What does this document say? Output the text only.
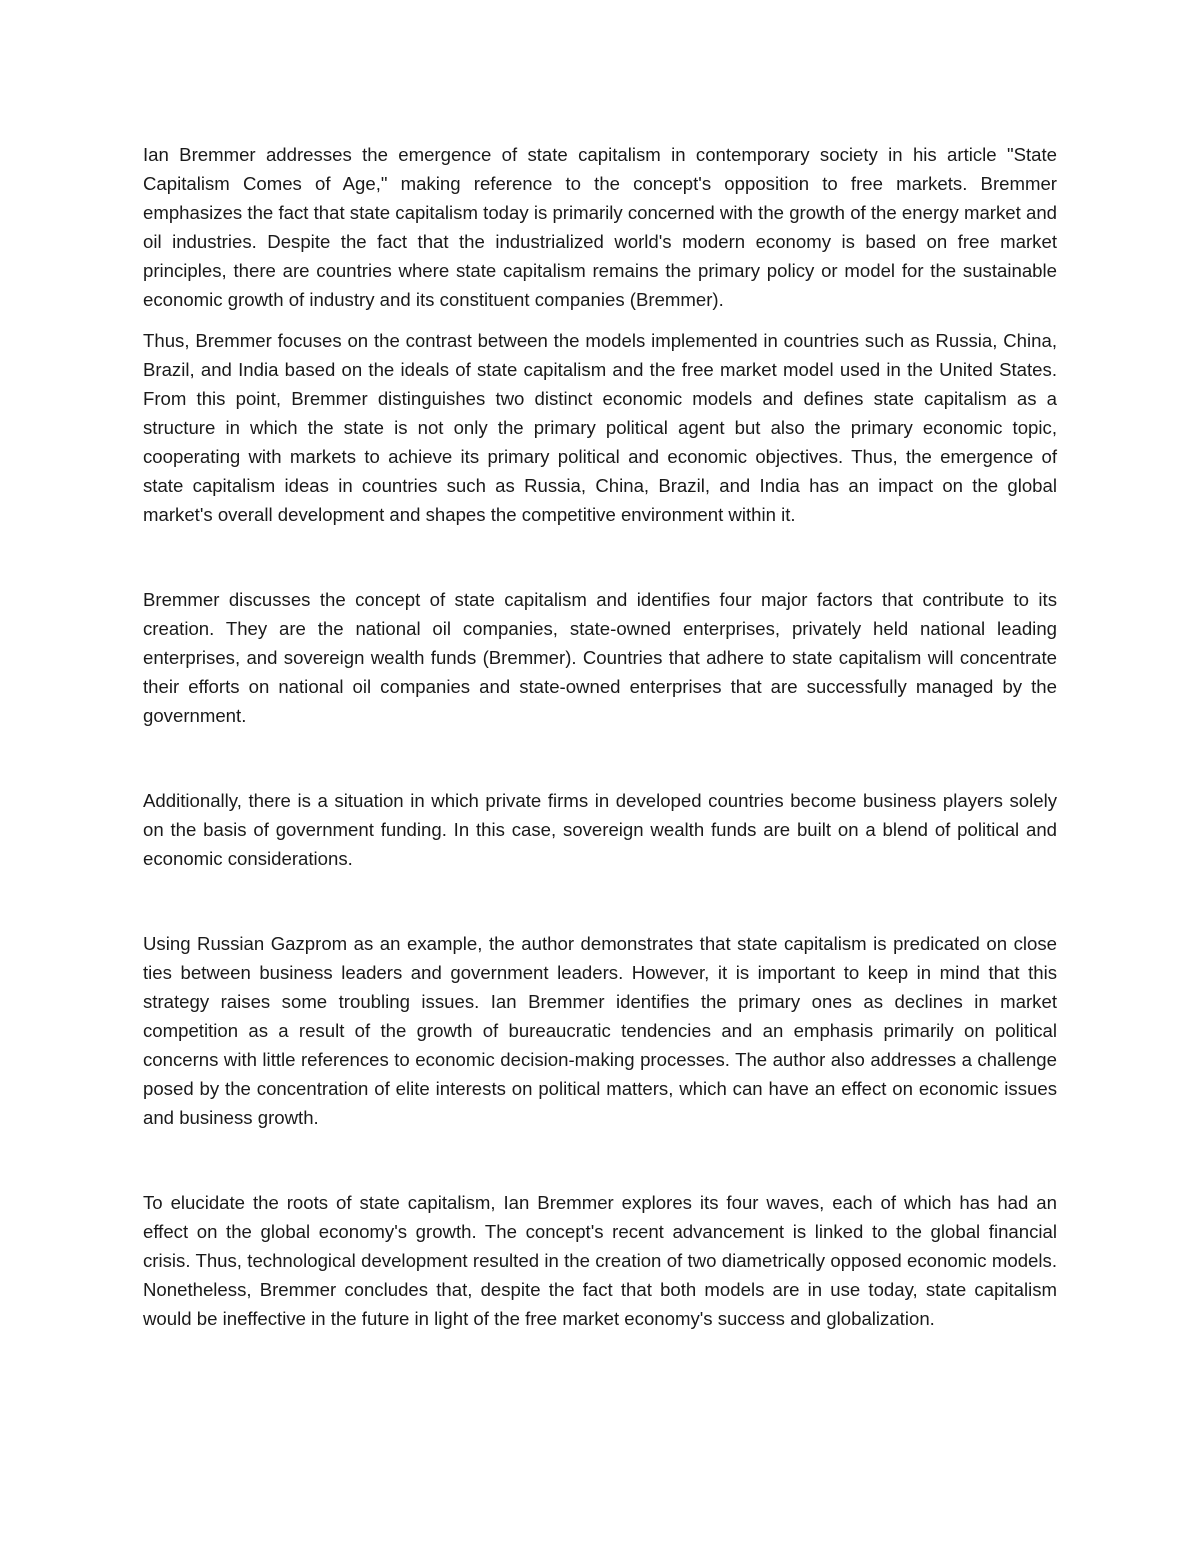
Ian Bremmer addresses the emergence of state capitalism in contemporary society in his article "State Capitalism Comes of Age," making reference to the concept's opposition to free markets. Bremmer emphasizes the fact that state capitalism today is primarily concerned with the growth of the energy market and oil industries. Despite the fact that the industrialized world's modern economy is based on free market principles, there are countries where state capitalism remains the primary policy or model for the sustainable economic growth of industry and its constituent companies (Bremmer).

Thus, Bremmer focuses on the contrast between the models implemented in countries such as Russia, China, Brazil, and India based on the ideals of state capitalism and the free market model used in the United States. From this point, Bremmer distinguishes two distinct economic models and defines state capitalism as a structure in which the state is not only the primary political agent but also the primary economic topic, cooperating with markets to achieve its primary political and economic objectives. Thus, the emergence of state capitalism ideas in countries such as Russia, China, Brazil, and India has an impact on the global market's overall development and shapes the competitive environment within it.

Bremmer discusses the concept of state capitalism and identifies four major factors that contribute to its creation. They are the national oil companies, state-owned enterprises, privately held national leading enterprises, and sovereign wealth funds (Bremmer). Countries that adhere to state capitalism will concentrate their efforts on national oil companies and state-owned enterprises that are successfully managed by the government.

Additionally, there is a situation in which private firms in developed countries become business players solely on the basis of government funding. In this case, sovereign wealth funds are built on a blend of political and economic considerations.

Using Russian Gazprom as an example, the author demonstrates that state capitalism is predicated on close ties between business leaders and government leaders. However, it is important to keep in mind that this strategy raises some troubling issues. Ian Bremmer identifies the primary ones as declines in market competition as a result of the growth of bureaucratic tendencies and an emphasis primarily on political concerns with little references to economic decision-making processes. The author also addresses a challenge posed by the concentration of elite interests on political matters, which can have an effect on economic issues and business growth.

To elucidate the roots of state capitalism, Ian Bremmer explores its four waves, each of which has had an effect on the global economy's growth. The concept's recent advancement is linked to the global financial crisis. Thus, technological development resulted in the creation of two diametrically opposed economic models. Nonetheless, Bremmer concludes that, despite the fact that both models are in use today, state capitalism would be ineffective in the future in light of the free market economy's success and globalization.
